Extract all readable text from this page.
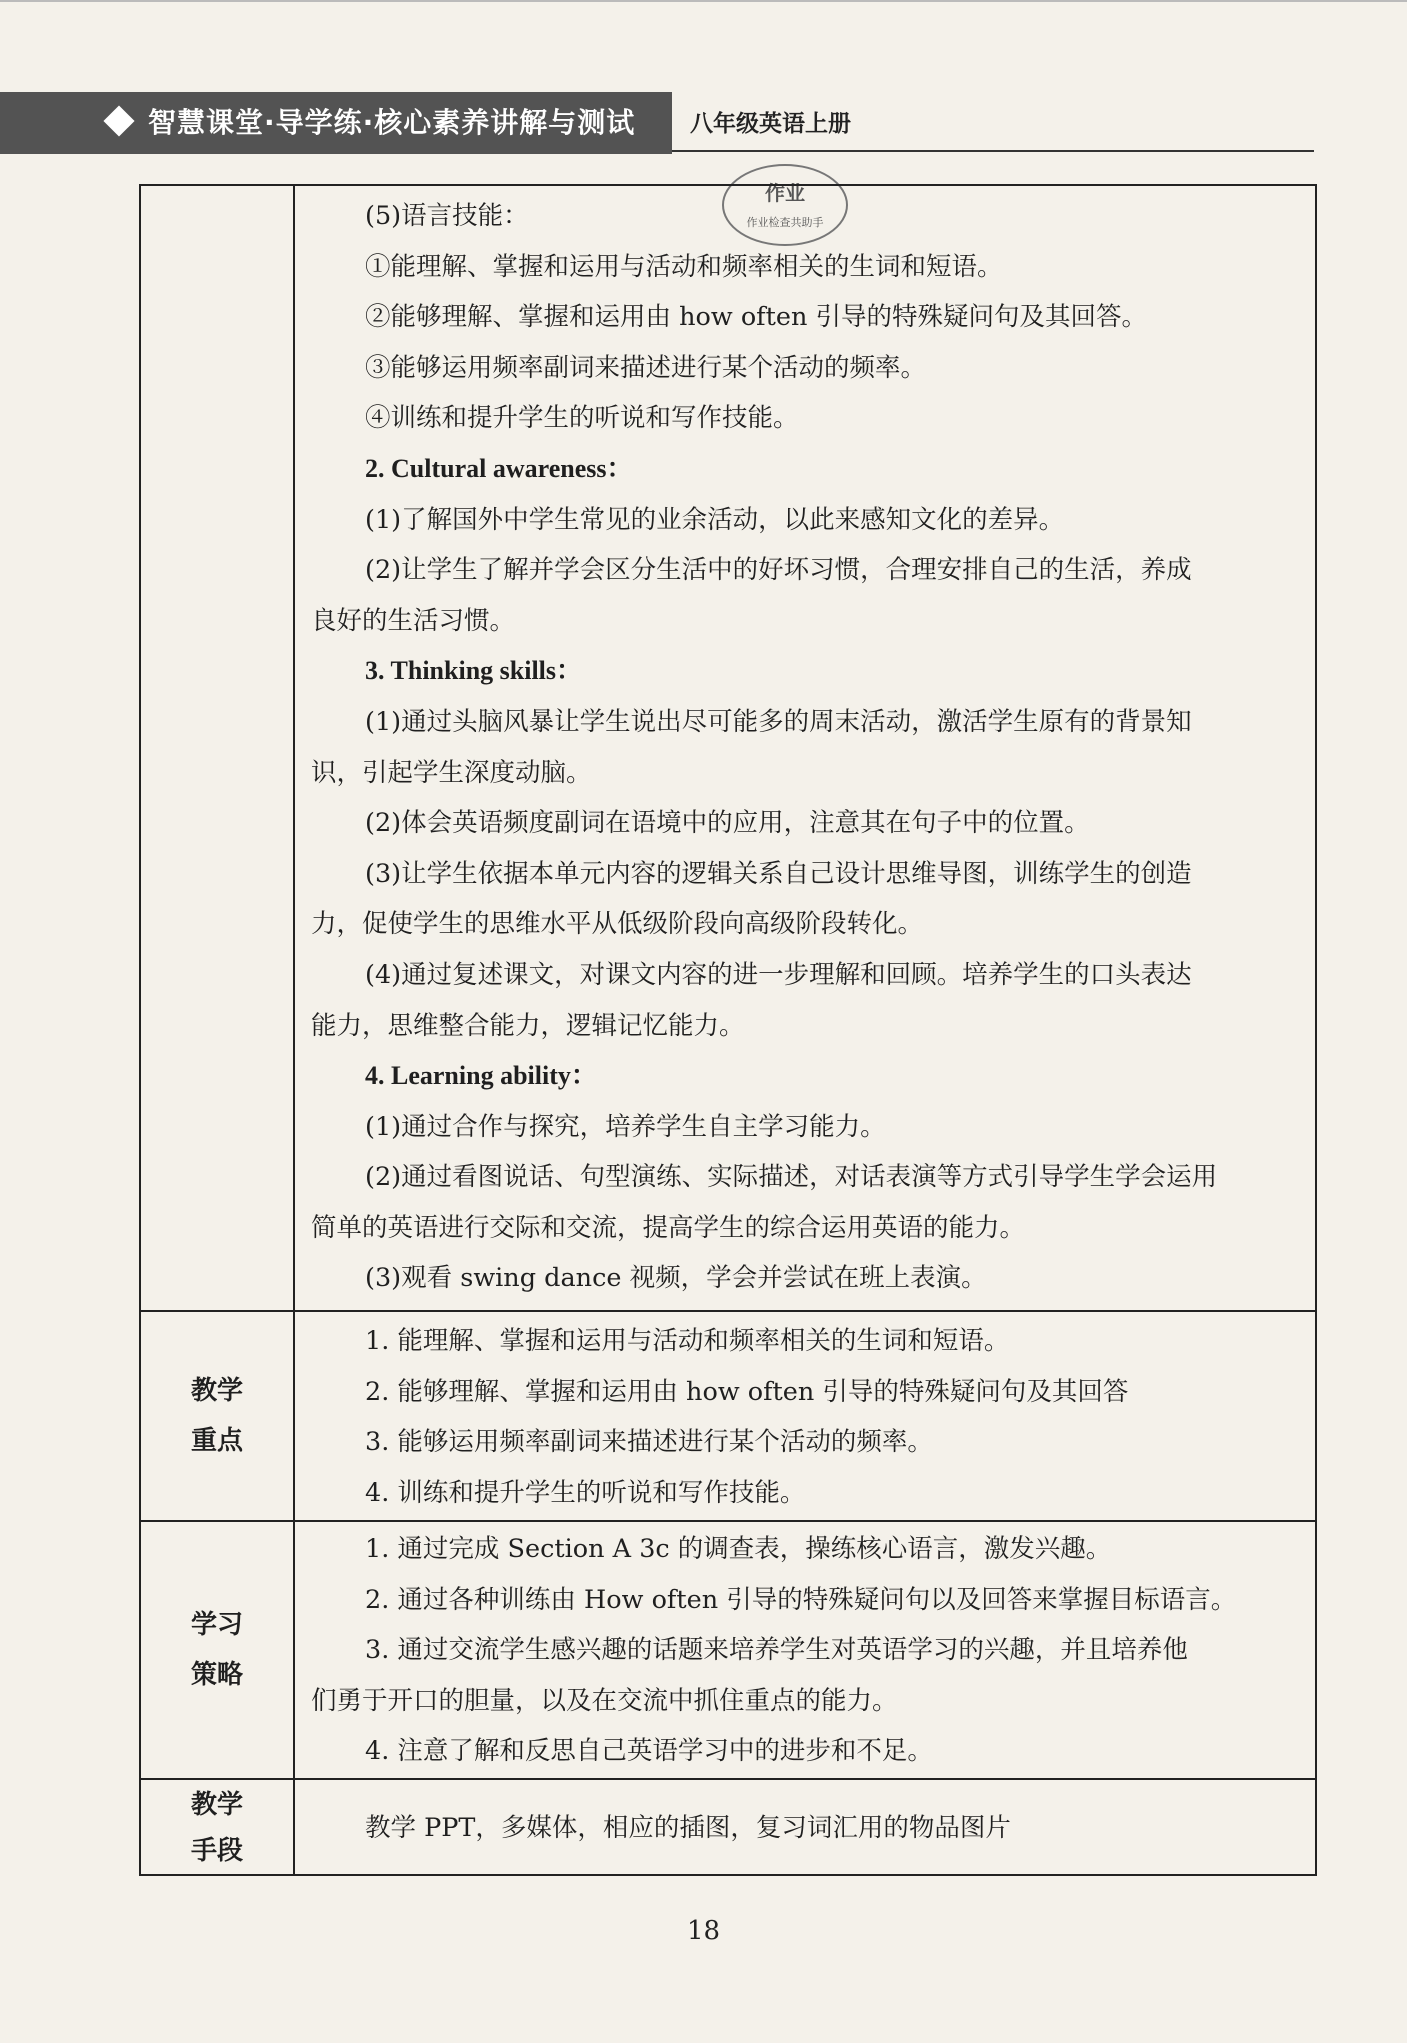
智慧课堂·导学练·核心素养讲解与测试 八年级英语上册
作业
作业检查共助手
(5)语言技能：
①能理解、掌握和运用与活动和频率相关的生词和短语。
②能够理解、掌握和运用由 how often 引导的特殊疑问句及其回答。
③能够运用频率副词来描述进行某个活动的频率。
④训练和提升学生的听说和写作技能。
2. Cultural awareness：
(1)了解国外中学生常见的业余活动，以此来感知文化的差异。
(2)让学生了解并学会区分生活中的好坏习惯，合理安排自己的生活，养成
良好的生活习惯。
3. Thinking skills：
(1)通过头脑风暴让学生说出尽可能多的周末活动，激活学生原有的背景知
识，引起学生深度动脑。
(2)体会英语频度副词在语境中的应用，注意其在句子中的位置。
(3)让学生依据本单元内容的逻辑关系自己设计思维导图，训练学生的创造
力，促使学生的思维水平从低级阶段向高级阶段转化。
(4)通过复述课文，对课文内容的进一步理解和回顾。培养学生的口头表达
能力，思维整合能力，逻辑记忆能力。
4. Learning ability：
(1)通过合作与探究，培养学生自主学习能力。
(2)通过看图说话、句型演练、实际描述，对话表演等方式引导学生学会运用
简单的英语进行交际和交流，提高学生的综合运用英语的能力。
(3)观看 swing dance 视频，学会并尝试在班上表演。
教学
重点
1. 能理解、掌握和运用与活动和频率相关的生词和短语。
2. 能够理解、掌握和运用由 how often 引导的特殊疑问句及其回答
3. 能够运用频率副词来描述进行某个活动的频率。
4. 训练和提升学生的听说和写作技能。
学习
策略
1. 通过完成 Section A 3c 的调查表，操练核心语言，激发兴趣。
2. 通过各种训练由 How often 引导的特殊疑问句以及回答来掌握目标语言。
3. 通过交流学生感兴趣的话题来培养学生对英语学习的兴趣，并且培养他
们勇于开口的胆量，以及在交流中抓住重点的能力。
4. 注意了解和反思自己英语学习中的进步和不足。
教学
手段
教学 PPT，多媒体，相应的插图，复习词汇用的物品图片
18
